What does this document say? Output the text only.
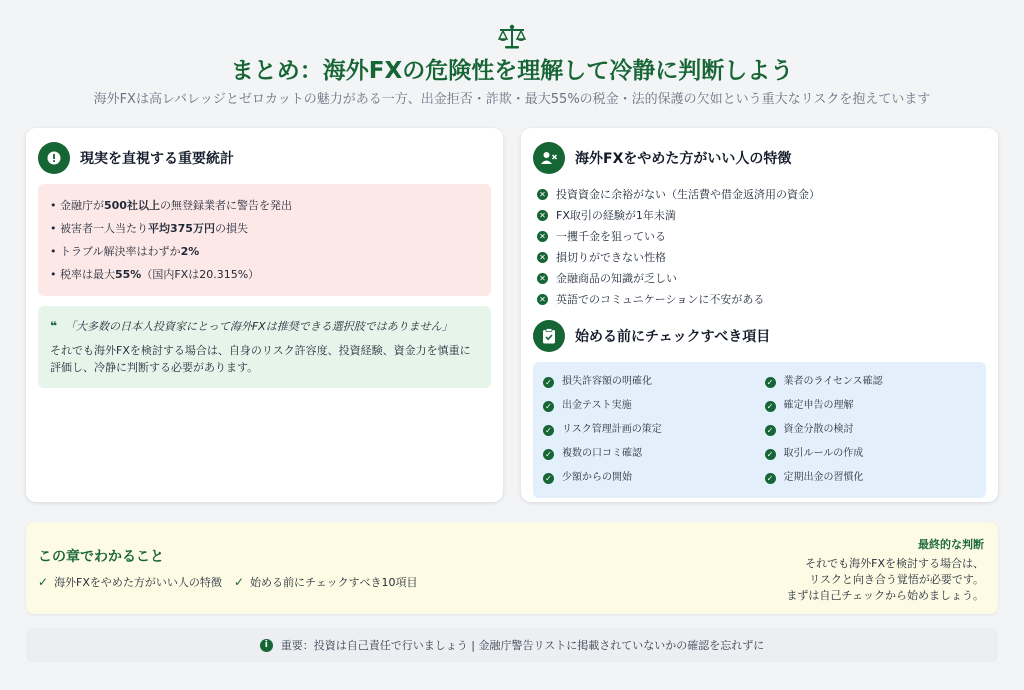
まとめ：海外FXの危険性を理解して冷静に判断しよう

海外FXは高レバレッジとゼロカットの魅力がある一方、出金拒否・詐欺・最大55%の税金・法的保護の欠如という重大なリスクを抱えています

現実を直視する重要統計
• 金融庁が500社以上の無登録業者に警告を発出
• 被害者一人当たり平均375万円の損失
• トラブル解決率はわずか2%
• 税率は最大55%（国内FXは20.315%）
❝ 「大多数の日本人投資家にとって海外FXは推奨できる選択肢ではありません」

それでも海外FXを検討する場合は、自身のリスク許容度、投資経験、資金力を慎重に評価し、冷静に判断する必要があります。

海外FXをやめた方がいい人の特徴
✕ 投資資金に余裕がない（生活費や借金返済用の資金）
✕ FX取引の経験が1年未満
✕ 一攫千金を狙っている
✕ 損切りができない性格
✕ 金融商品の知識が乏しい
✕ 英語でのコミュニケーションに不安がある
始める前にチェックすべき項目
✓ 損失許容額の明確化	✓ 業者のライセンス確認
✓ 出金テスト実施	✓ 確定申告の理解
✓ リスク管理計画の策定	✓ 資金分散の検討
✓ 複数の口コミ確認	✓ 取引ルールの作成
✓ 少額からの開始	✓ 定期出金の習慣化
この章でわかること
✓ 海外FXをやめた方がいい人の特徴 ✓ 始める前にチェックすべき10項目
最終的な判断
それでも海外FXを検討する場合は、
リスクと向き合う覚悟が必要です。
まずは自己チェックから始めましょう。
i	重要：投資は自己責任で行いましょう | 金融庁警告リストに掲載されていないかの確認を忘れずに
